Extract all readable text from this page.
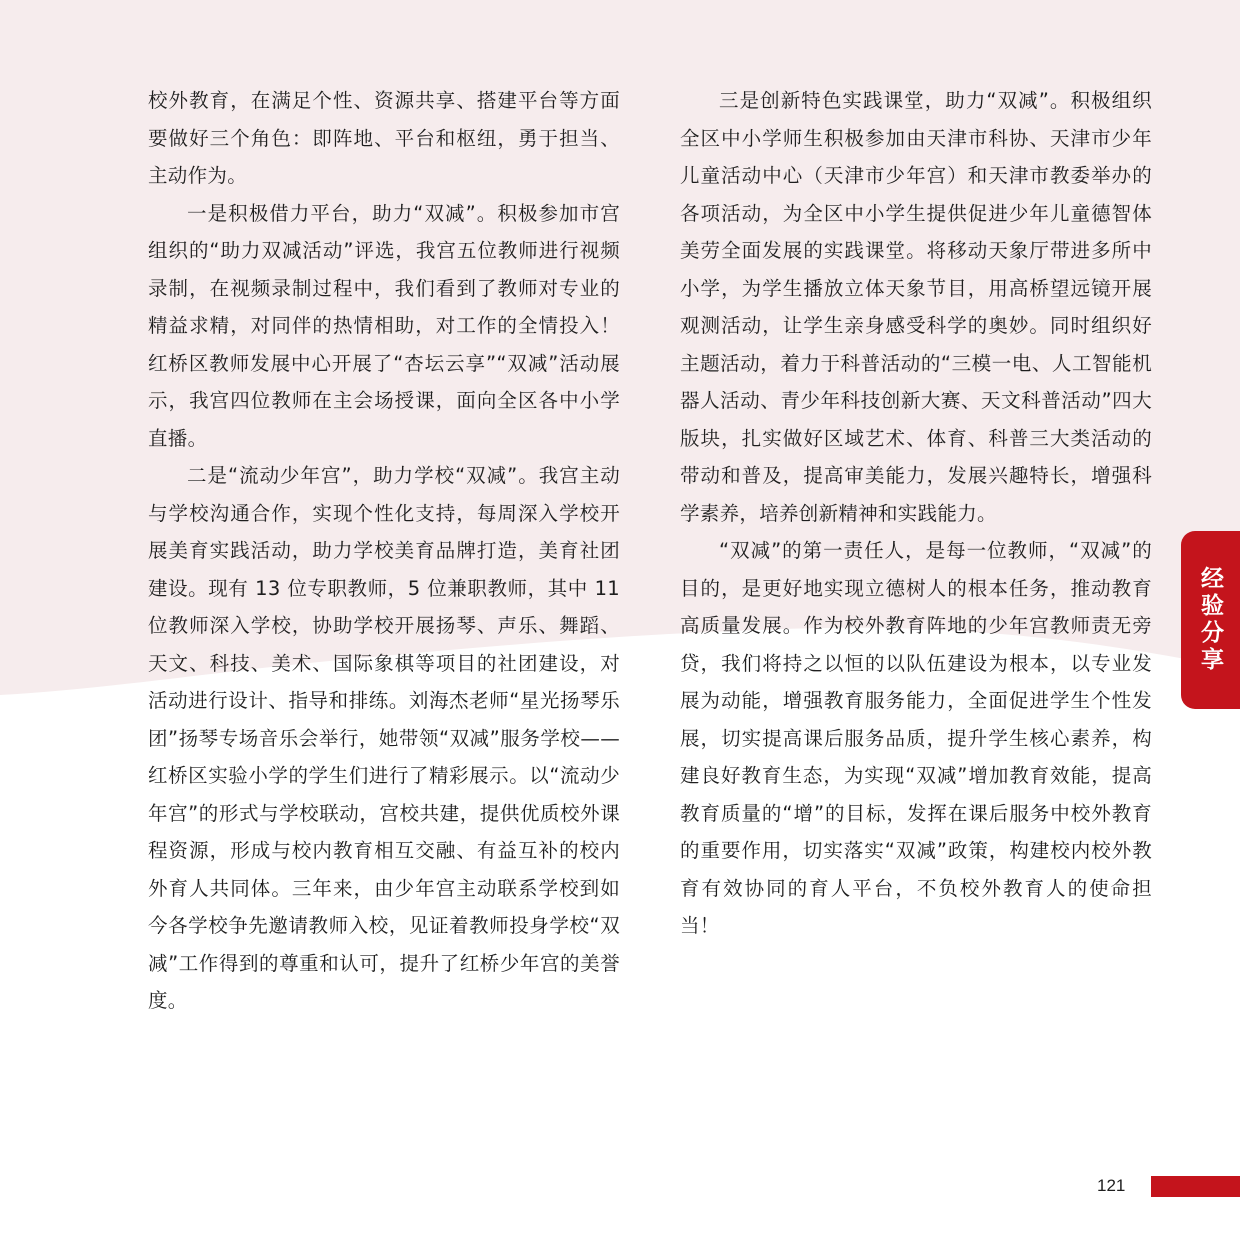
校外教育，在满足个性、资源共享、搭建平台等方面要做好三个角色：即阵地、平台和枢纽，勇于担当、主动作为。

一是积极借力平台，助力“双减”。积极参加市宫组织的“助力双减活动”评选，我宫五位教师进行视频录制，在视频录制过程中，我们看到了教师对专业的精益求精，对同伴的热情相助，对工作的全情投入！红桥区教师发展中心开展了“杏坛云享”“双减”活动展示，我宫四位教师在主会场授课，面向全区各中小学直播。

二是“流动少年宫”，助力学校“双减”。我宫主动与学校沟通合作，实现个性化支持，每周深入学校开展美育实践活动，助力学校美育品牌打造，美育社团建设。现有 13 位专职教师，5 位兼职教师，其中 11 位教师深入学校，协助学校开展扬琴、声乐、舞蹈、天文、科技、美术、国际象棋等项目的社团建设，对活动进行设计、指导和排练。刘海杰老师“星光扬琴乐团”扬琴专场音乐会举行，她带领“双减”服务学校——红桥区实验小学的学生们进行了精彩展示。以“流动少年宫”的形式与学校联动，宫校共建，提供优质校外课程资源，形成与校内教育相互交融、有益互补的校内外育人共同体。三年来，由少年宫主动联系学校到如今各学校争先邀请教师入校，见证着教师投身学校“双减”工作得到的尊重和认可，提升了红桥少年宫的美誉度。

三是创新特色实践课堂，助力“双减”。积极组织全区中小学师生积极参加由天津市科协、天津市少年儿童活动中心（天津市少年宫）和天津市教委举办的各项活动，为全区中小学生提供促进少年儿童德智体美劳全面发展的实践课堂。将移动天象厅带进多所中小学，为学生播放立体天象节目，用高桥望远镜开展观测活动，让学生亲身感受科学的奥妙。同时组织好主题活动，着力于科普活动的“三模一电、人工智能机器人活动、青少年科技创新大赛、天文科普活动”四大版块，扎实做好区域艺术、体育、科普三大类活动的带动和普及，提高审美能力，发展兴趣特长，增强科学素养，培养创新精神和实践能力。

“双减”的第一责任人，是每一位教师，“双减”的目的，是更好地实现立德树人的根本任务，推动教育高质量发展。作为校外教育阵地的少年宫教师责无旁贷，我们将持之以恒的以队伍建设为根本，以专业发展为动能，增强教育服务能力，全面促进学生个性发展，切实提高课后服务品质，提升学生核心素养，构建良好教育生态，为实现“双减”增加教育效能，提高教育质量的“增”的目标，发挥在课后服务中校外教育的重要作用，切实落实“双减”政策，构建校内校外教育有效协同的育人平台，不负校外教育人的使命担当！

经验分享
121
